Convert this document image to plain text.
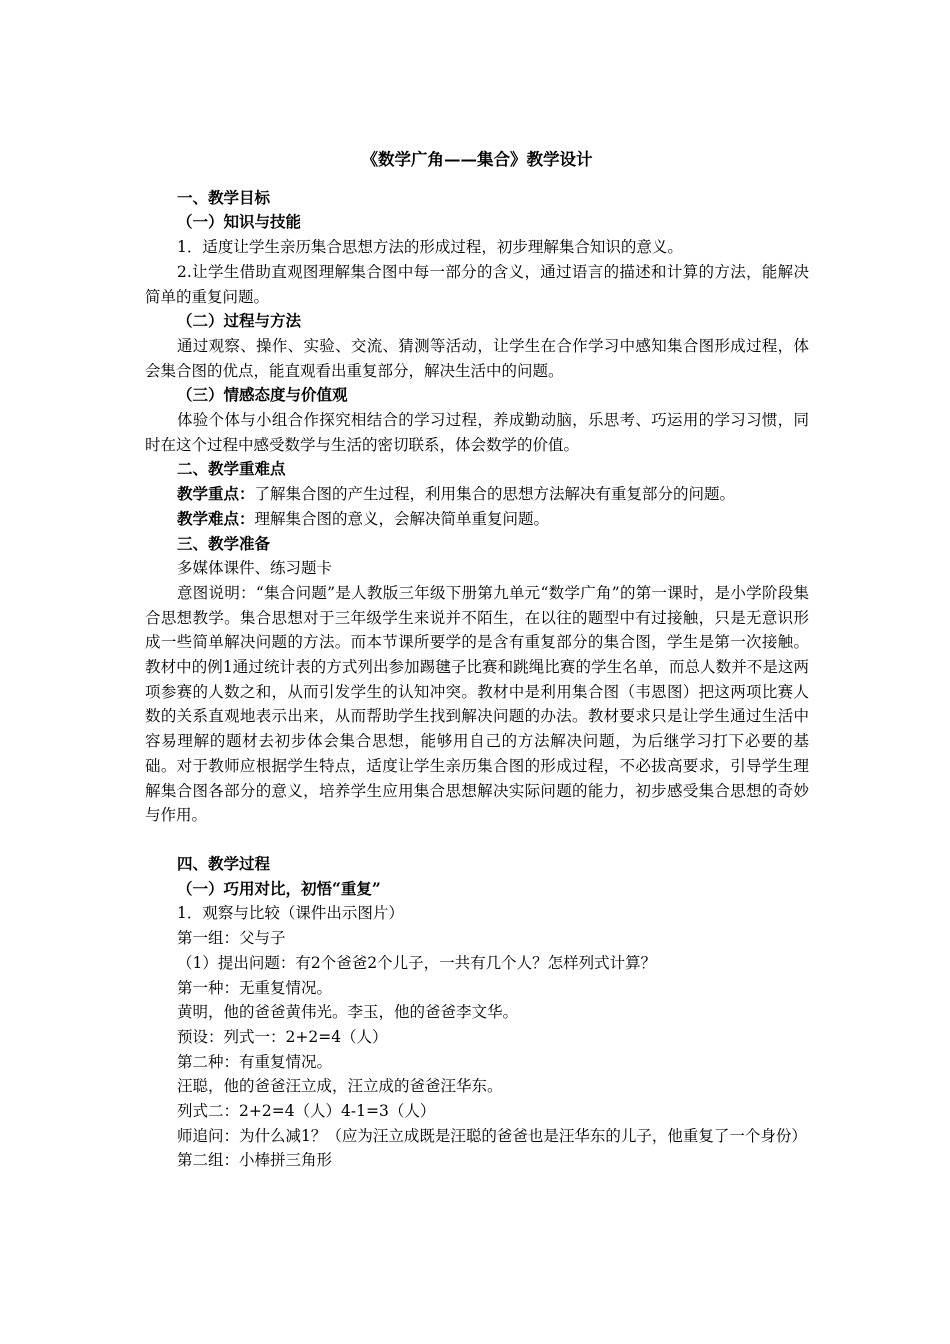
《数学广角——集合》教学设计

一、教学目标

（一）知识与技能

1．适度让学生亲历集合思想方法的形成过程，初步理解集合知识的意义。

2.让学生借助直观图理解集合图中每一部分的含义，通过语言的描述和计算的方法，能解决简单的重复问题。

（二）过程与方法

通过观察、操作、实验、交流、猜测等活动，让学生在合作学习中感知集合图形成过程，体会集合图的优点，能直观看出重复部分，解决生活中的问题。

（三）情感态度与价值观

体验个体与小组合作探究相结合的学习过程，养成勤动脑，乐思考、巧运用的学习习惯，同时在这个过程中感受数学与生活的密切联系，体会数学的价值。

二、教学重难点

教学重点：了解集合图的产生过程，利用集合的思想方法解决有重复部分的问题。

教学难点：理解集合图的意义，会解决简单重复问题。

三、教学准备

多媒体课件、练习题卡

意图说明：“集合问题”是人教版三年级下册第九单元“数学广角”的第一课时，是小学阶段集合思想教学。集合思想对于三年级学生来说并不陌生，在以往的题型中有过接触，只是无意识形成一些简单解决问题的方法。而本节课所要学的是含有重复部分的集合图，学生是第一次接触。教材中的例1通过统计表的方式列出参加踢毽子比赛和跳绳比赛的学生名单，而总人数并不是这两项参赛的人数之和，从而引发学生的认知冲突。教材中是利用集合图（韦恩图）把这两项比赛人数的关系直观地表示出来，从而帮助学生找到解决问题的办法。教材要求只是让学生通过生活中容易理解的题材去初步体会集合思想，能够用自己的方法解决问题，为后继学习打下必要的基础。对于教师应根据学生特点，适度让学生亲历集合图的形成过程，不必拔高要求，引导学生理解集合图各部分的意义，培养学生应用集合思想解决实际问题的能力，初步感受集合思想的奇妙与作用。

四、教学过程

（一）巧用对比，初悟“重复”

1．观察与比较（课件出示图片）

第一组：父与子

（1）提出问题：有2个爸爸2个儿子，一共有几个人？怎样列式计算？

第一种：无重复情况。

黄明，他的爸爸黄伟光。李玉，他的爸爸李文华。

预设：列式一：2+2=4（人）

第二种：有重复情况。

汪聪，他的爸爸汪立成，汪立成的爸爸汪华东。

列式二：2+2=4（人）4-1=3（人）

师追问：为什么减1？（应为汪立成既是汪聪的爸爸也是汪华东的儿子，他重复了一个身份）

第二组：小棒拼三角形
